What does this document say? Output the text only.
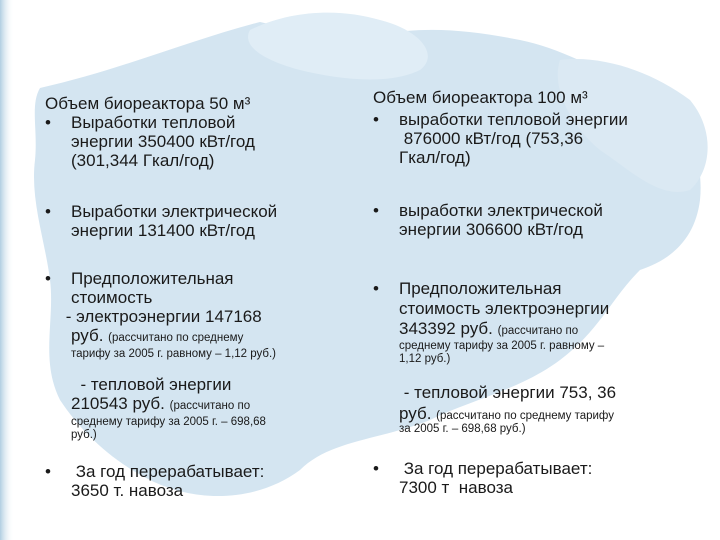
Объем биореактора 50 м³
• Выработки тепловой
энергии 350400 кВт/год
(301,344 Гкал/год)
• Выработки электрической
энергии 131400 кВт/год
• Предположительная
стоимость
- электроэнергии 147168
руб. (рассчитано по среднему
тарифу за 2005 г. равному – 1,12 руб.)
- тепловой энергии
210543 руб. (рассчитано по
среднему тарифу за 2005 г. – 698,68
руб.)
• За год перерабатывает:
3650 т. навоза
Объем биореактора 100 м³
• выработки тепловой энергии
876000 кВт/год (753,36
Гкал/год)
• выработки электрической
энергии 306600 кВт/год
• Предположительная
стоимость электроэнергии
343392 руб. (рассчитано по
среднему тарифу за 2005 г. равному –
1,12 руб.)
- тепловой энергии 753, 36
руб. (рассчитано по среднему тарифу
за 2005 г. – 698,68 руб.)
• За год перерабатывает:
7300 т  навоза
